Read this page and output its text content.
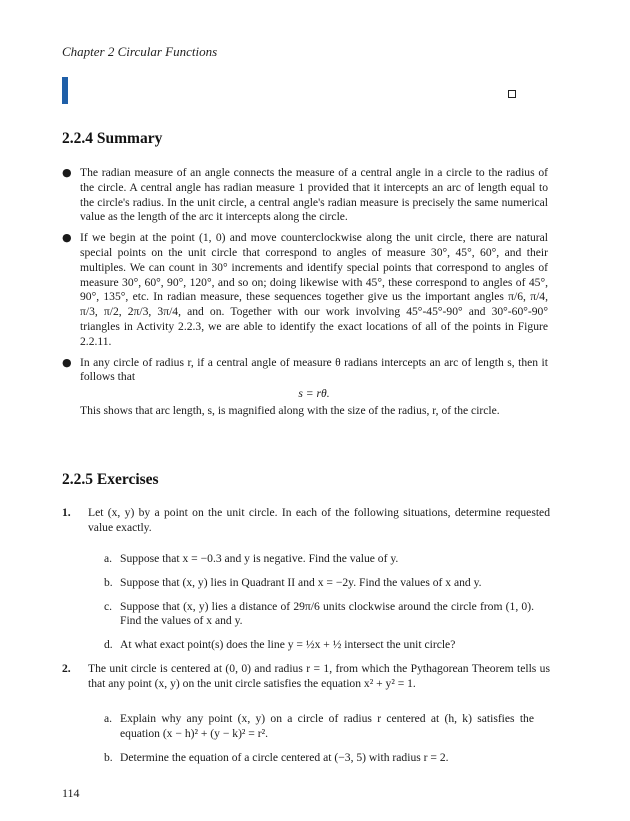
Chapter 2 Circular Functions
2.2.4 Summary
● The radian measure of an angle connects the measure of a central angle in a circle to the radius of the circle. A central angle has radian measure 1 provided that it intercepts an arc of length equal to the circle's radius. In the unit circle, a central angle's radian measure is precisely the same numerical value as the length of the arc it intercepts along the circle.

● If we begin at the point (1, 0) and move counterclockwise along the unit circle, there are natural special points on the unit circle that correspond to angles of measure 30°, 45°, 60°, and their multiples. We can count in 30° increments and identify special points that correspond to angles of measure 30°, 60°, 90°, 120°, and so on; doing likewise with 45°, these correspond to angles of 45°, 90°, 135°, etc. In radian measure, these sequences together give us the important angles π/6, π/4, π/3, π/2, 2π/3, 3π/4, and on. Together with our work involving 45°-45°-90° and 30°-60°-90° triangles in Activity 2.2.3, we are able to identify the exact locations of all of the points in Figure 2.2.11.

● In any circle of radius r, if a central angle of measure θ radians intercepts an arc of length s, then it follows that

s = rθ.

This shows that arc length, s, is magnified along with the size of the radius, r, of the circle.

2.2.5 Exercises
1. Let (x, y) by a point on the unit circle. In each of the following situations, determine requested value exactly.
a. Suppose that x = −0.3 and y is negative. Find the value of y.
b. Suppose that (x, y) lies in Quadrant II and x = −2y. Find the values of x and y.
c. Suppose that (x, y) lies a distance of 29π/6 units clockwise around the circle from (1, 0). Find the values of x and y.
d. At what exact point(s) does the line y = ½x + ½ intersect the unit circle?
2. The unit circle is centered at (0, 0) and radius r = 1, from which the Pythagorean Theorem tells us that any point (x, y) on the unit circle satisfies the equation x² + y² = 1.
a. Explain why any point (x, y) on a circle of radius r centered at (h, k) satisfies the equation (x − h)² + (y − k)² = r².
b. Determine the equation of a circle centered at (−3, 5) with radius r = 2.
114
